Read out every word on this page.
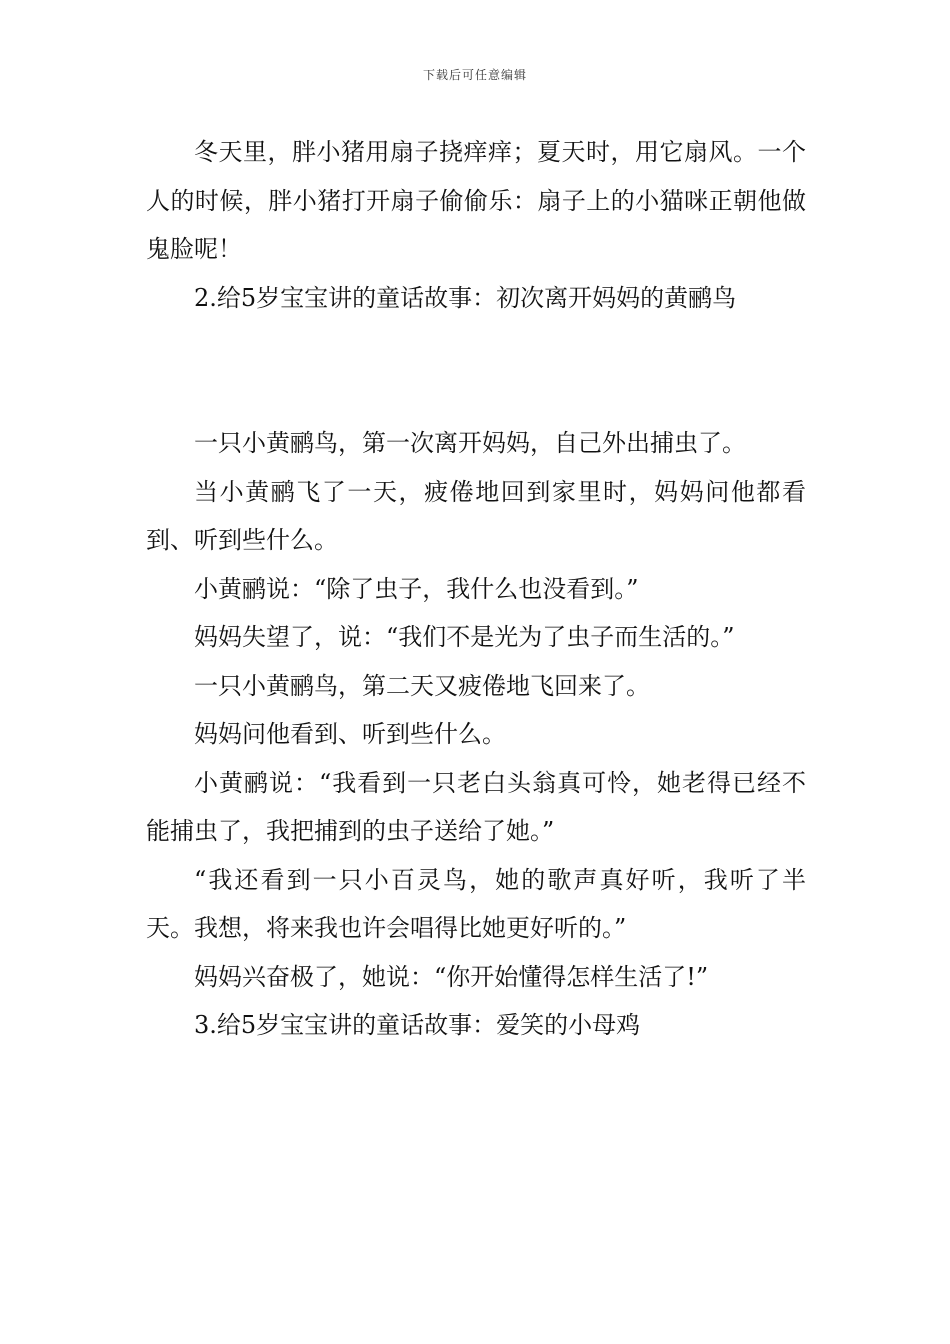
下载后可任意编辑

冬天里，胖小猪用扇子挠痒痒；夏天时，用它扇风。一个人的时候，胖小猪打开扇子偷偷乐：扇子上的小猫咪正朝他做鬼脸呢！

2.给5岁宝宝讲的童话故事：初次离开妈妈的黄鹂鸟

一只小黄鹂鸟，第一次离开妈妈，自己外出捕虫了。

当小黄鹂飞了一天，疲倦地回到家里时，妈妈问他都看到、听到些什么。

小黄鹂说：“除了虫子，我什么也没看到。”

妈妈失望了，说：“我们不是光为了虫子而生活的。”

一只小黄鹂鸟，第二天又疲倦地飞回来了。

妈妈问他看到、听到些什么。

小黄鹂说：“我看到一只老白头翁真可怜，她老得已经不能捕虫了，我把捕到的虫子送给了她。”

“我还看到一只小百灵鸟，她的歌声真好听，我听了半天。我想，将来我也许会唱得比她更好听的。”

妈妈兴奋极了，她说：“你开始懂得怎样生活了!”

3.给5岁宝宝讲的童话故事：爱笑的小母鸡
